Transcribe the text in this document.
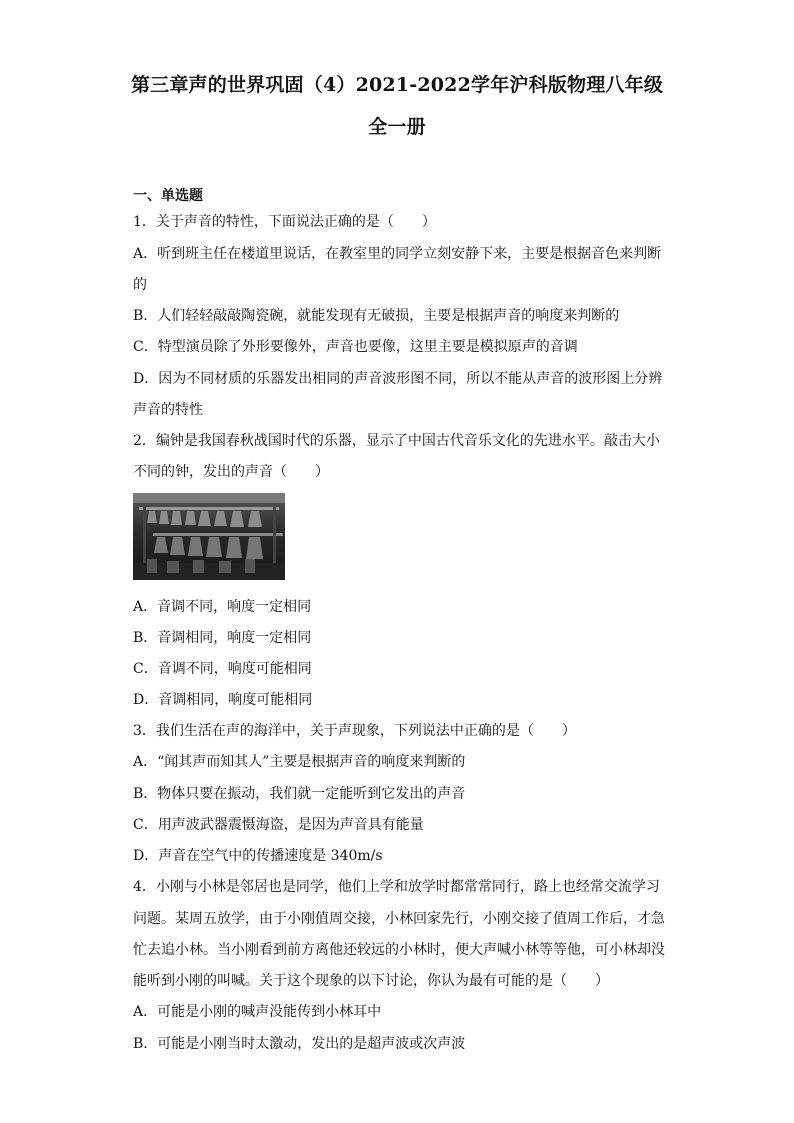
第三章声的世界巩固（4）2021-2022学年沪科版物理八年级
全一册
一、单选题
1．关于声音的特性，下面说法正确的是（　　）
A．听到班主任在楼道里说话，在教室里的同学立刻安静下来，主要是根据音色来判断
的
B．人们轻轻敲敲陶瓷碗，就能发现有无破损，主要是根据声音的响度来判断的
C．特型演员除了外形要像外，声音也要像，这里主要是模拟原声的音调
D．因为不同材质的乐器发出相同的声音波形图不同，所以不能从声音的波形图上分辨
声音的特性
2．编钟是我国春秋战国时代的乐器，显示了中国古代音乐文化的先进水平。敲击大小
不同的钟，发出的声音（　　）
A．音调不同，响度一定相同
B．音调相同，响度一定相同
C．音调不同，响度可能相同
D．音调相同，响度可能相同
3．我们生活在声的海洋中，关于声现象，下列说法中正确的是（　　）
A．“闻其声而知其人”主要是根据声音的响度来判断的
B．物体只要在振动，我们就一定能听到它发出的声音
C．用声波武器震慑海盗，是因为声音具有能量
D．声音在空气中的传播速度是 340m/s
4．小刚与小林是邻居也是同学，他们上学和放学时都常常同行，路上也经常交流学习
问题。某周五放学，由于小刚值周交接，小林回家先行，小刚交接了值周工作后，才急
忙去追小林。当小刚看到前方离他还较远的小林时，便大声喊小林等等他，可小林却没
能听到小刚的叫喊。关于这个现象的以下讨论，你认为最有可能的是（　　）
A．可能是小刚的喊声没能传到小林耳中
B．可能是小刚当时太激动，发出的是超声波或次声波
